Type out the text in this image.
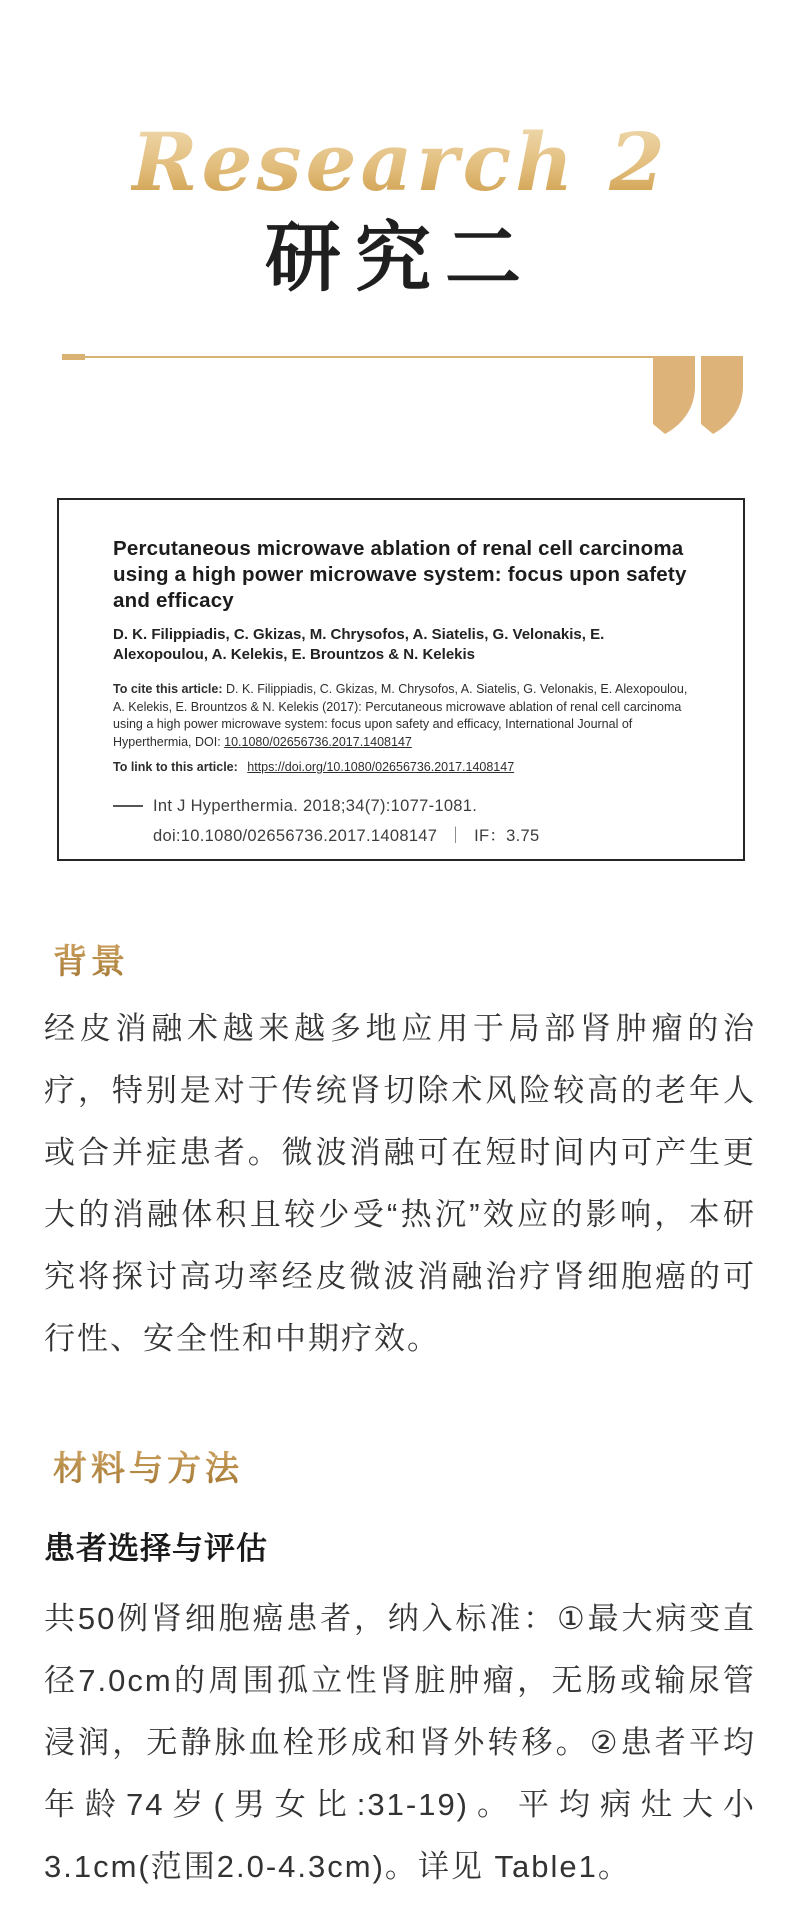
Research 2
研究二
Percutaneous microwave ablation of renal cell carcinoma using a high power microwave system: focus upon safety and efficacy

D. K. Filippiadis, C. Gkizas, M. Chrysofos, A. Siatelis, G. Velonakis, E. Alexopoulou, A. Kelekis, E. Brountzos & N. Kelekis

To cite this article: D. K. Filippiadis, C. Gkizas, M. Chrysofos, A. Siatelis, G. Velonakis, E. Alexopoulou, A. Kelekis, E. Brountzos & N. Kelekis (2017): Percutaneous microwave ablation of renal cell carcinoma using a high power microwave system: focus upon safety and efficacy, International Journal of Hyperthermia, DOI: 10.1080/02656736.2017.1408147

To link to this article: https://doi.org/10.1080/02656736.2017.1408147

Int J Hyperthermia. 2018;34(7):1077-1081.
doi:10.1080/02656736.2017.1408147 ｜ IF：3.75
背景

经皮消融术越来越多地应用于局部肾肿瘤的治疗，特别是对于传统肾切除术风险较高的老年人或合并症患者。微波消融可在短时间内可产生更大的消融体积且较少受“热沉”效应的影响，本研究将探讨高功率经皮微波消融治疗肾细胞癌的可行性、安全性和中期疗效。

材料与方法
患者选择与评估

共50例肾细胞癌患者，纳入标准：①最大病变直径7.0cm的周围孤立性肾脏肿瘤，无肠或输尿管浸润，无静脉血栓形成和肾外转移。②患者平均年龄74岁(男女比:31-19)。平均病灶大小3.1cm(范围2.0-4.3cm)。详见 Table1。
